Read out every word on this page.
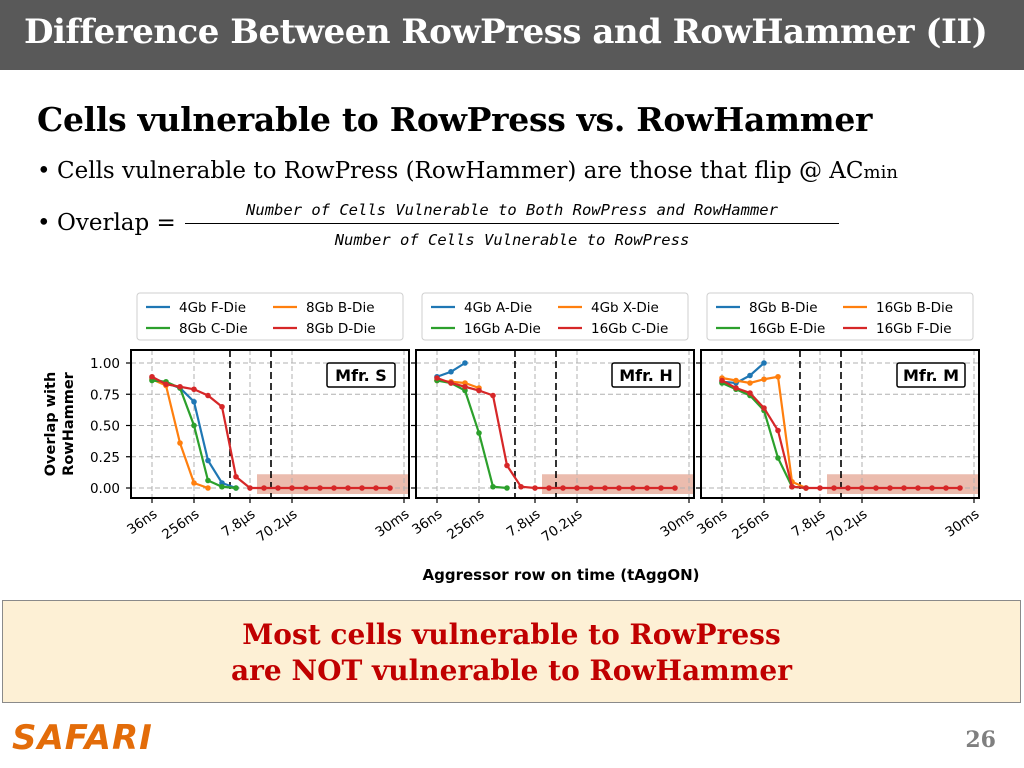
Difference Between RowPress and RowHammer (II)
Cells vulnerable to RowPress vs. RowHammer
• Cells vulnerable to RowPress (RowHammer) are those that flip @ ACmin
• Overlap =	Number of Cells Vulnerable to Both RowPress and RowHammer
Number of Cells Vulnerable to RowPress
Overlap with RowHammer
1.00
0.75
0.50
0.25
0.00
Mfr. S
36ns
256ns 7.8μs
70.2μs	30ms
4Gb F-Die	8Gb B-Die
8Gb C-Die	8Gb D-Die
Mfr. H
36ns
256ns 7.8μs
70.2μs	30ms
4Gb A-Die	4Gb X-Die
16Gb A-Die	16Gb C-Die
Mfr. M
36ns
256ns 7.8μs
70.2μs	30ms
8Gb B-Die	16Gb B-Die
16Gb E-Die	16Gb F-Die
Aggressor row on time (tAggON)
Most cells vulnerable to RowPress
are NOT vulnerable to RowHammer
SAFARI	26
